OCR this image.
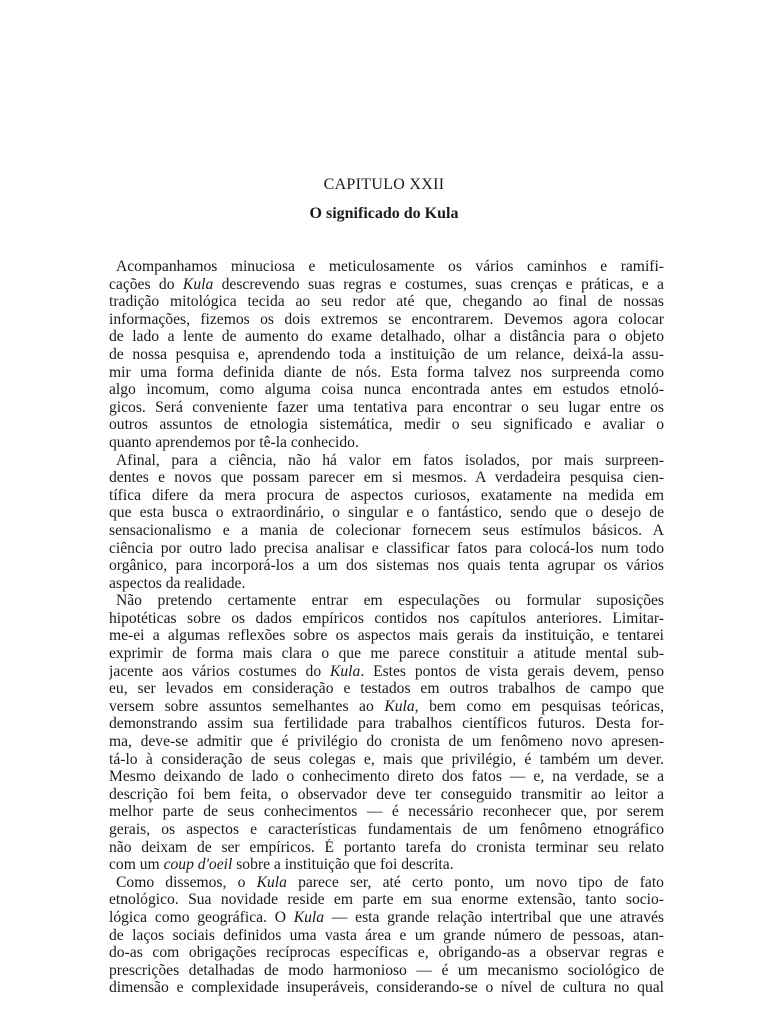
CAPITULO XXII
O significado do Kula

Acompanhamos minuciosa e meticulosamente os vários caminhos e ramifi-
cações do Kula descrevendo suas regras e costumes, suas crenças e práticas, e a
tradição mitológica tecida ao seu redor até que, chegando ao final de nossas
informações, fizemos os dois extremos se encontrarem. Devemos agora colocar
de lado a lente de aumento do exame detalhado, olhar a distância para o objeto
de nossa pesquisa e, aprendendo toda a instituição de um relance, deixá-la assu-
mir uma forma definida diante de nós. Esta forma talvez nos surpreenda como
algo incomum, como alguma coisa nunca encontrada antes em estudos etnoló-
gicos. Será conveniente fazer uma tentativa para encontrar o seu lugar entre os
outros assuntos de etnologia sistemática, medir o seu significado e avaliar o
quanto aprendemos por tê-la conhecido.

Afinal, para a ciência, não há valor em fatos isolados, por mais surpreen-
dentes e novos que possam parecer em si mesmos. A verdadeira pesquisa cien-
tífica difere da mera procura de aspectos curiosos, exatamente na medida em
que esta busca o extraordinário, o singular e o fantástico, sendo que o desejo de
sensacionalismo e a mania de colecionar fornecem seus estímulos básicos. A
ciência por outro lado precisa analisar e classificar fatos para colocá-los num todo
orgânico, para incorporá-los a um dos sistemas nos quais tenta agrupar os vários
aspectos da realidade.

Não pretendo certamente entrar em especulações ou formular suposições
hipotéticas sobre os dados empíricos contidos nos capítulos anteriores. Limitar-
me-ei a algumas reflexões sobre os aspectos mais gerais da instituição, e tentarei
exprimir de forma mais clara o que me parece constituir a atitude mental sub-
jacente aos vários costumes do Kula. Estes pontos de vista gerais devem, penso
eu, ser levados em consideração e testados em outros trabalhos de campo que
versem sobre assuntos semelhantes ao Kula, bem como em pesquisas teóricas,
demonstrando assim sua fertilidade para trabalhos científicos futuros. Desta for-
ma, deve-se admitir que é privilégio do cronista de um fenômeno novo apresen-
tá-lo à consideração de seus colegas e, mais que privilégio, é também um dever.
Mesmo deixando de lado o conhecimento direto dos fatos — e, na verdade, se a
descrição foi bem feita, o observador deve ter conseguido transmitir ao leitor a
melhor parte de seus conhecimentos — é necessário reconhecer que, por serem
gerais, os aspectos e características fundamentais de um fenômeno etnográfico
não deixam de ser empíricos. É portanto tarefa do cronista terminar seu relato
com um coup d'oeil sobre a instituição que foi descrita.

Como dissemos, o Kula parece ser, até certo ponto, um novo tipo de fato
etnológico. Sua novidade reside em parte em sua enorme extensão, tanto socio-
lógica como geográfica. O Kula — esta grande relação intertribal que une através
de laços sociais definidos uma vasta área e um grande número de pessoas, atan-
do-as com obrigações recíprocas específicas e, obrigando-as a observar regras e
prescrições detalhadas de modo harmonioso — é um mecanismo sociológico de
dimensão e complexidade insuperáveis, considerando-se o nível de cultura no qual
